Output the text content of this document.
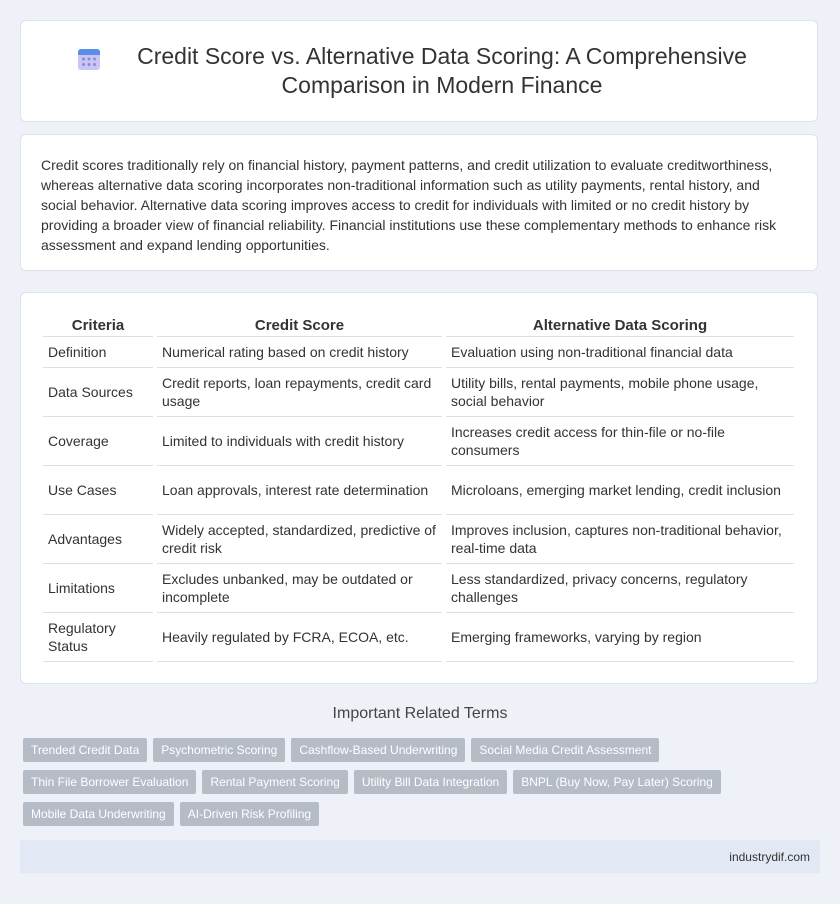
Credit Score vs. Alternative Data Scoring: A Comprehensive Comparison in Modern Finance

Credit scores traditionally rely on financial history, payment patterns, and credit utilization to evaluate creditworthiness, whereas alternative data scoring incorporates non-traditional information such as utility payments, rental history, and social behavior. Alternative data scoring improves access to credit for individuals with limited or no credit history by providing a broader view of financial reliability. Financial institutions use these complementary methods to enhance risk assessment and expand lending opportunities.

Criteria	Credit Score	Alternative Data Scoring
Definition	Numerical rating based on credit history	Evaluation using non-traditional financial data
Data Sources	Credit reports, loan repayments, credit card usage	Utility bills, rental payments, mobile phone usage, social behavior
Coverage	Limited to individuals with credit history	Increases credit access for thin-file or no-file consumers
Use Cases	Loan approvals, interest rate determination	Microloans, emerging market lending, credit inclusion
Advantages	Widely accepted, standardized, predictive of credit risk	Improves inclusion, captures non-traditional behavior, real-time data
Limitations	Excludes unbanked, may be outdated or incomplete	Less standardized, privacy concerns, regulatory challenges
Regulatory Status	Heavily regulated by FCRA, ECOA, etc.	Emerging frameworks, varying by region
Important Related Terms
Trended Credit Data	Psychometric Scoring	Cashflow-Based Underwriting	Social Media Credit Assessment
Thin File Borrower Evaluation	Rental Payment Scoring	Utility Bill Data Integration	BNPL (Buy Now, Pay Later) Scoring
Mobile Data Underwriting	AI-Driven Risk Profiling
industrydif.com
